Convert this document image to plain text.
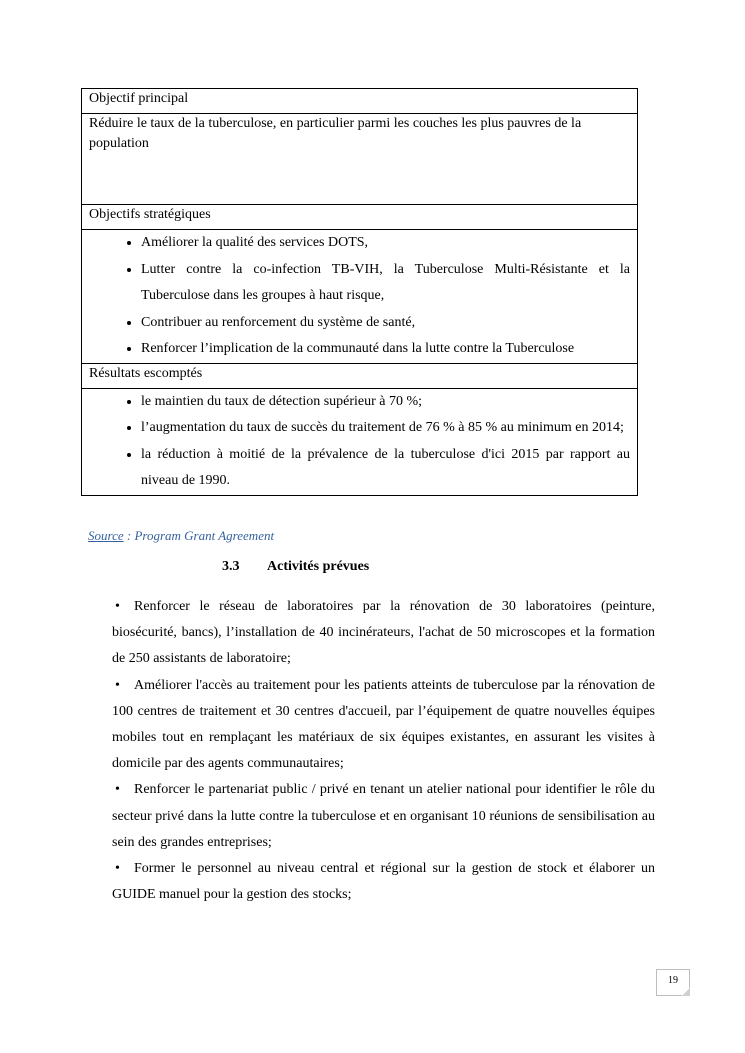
Objectif principal
Réduire le taux de la tuberculose, en particulier parmi les couches les plus pauvres de la population
Objectifs stratégiques

• Améliorer la qualité des services DOTS,
• Lutter contre la co-infection TB-VIH, la Tuberculose Multi-Résistante et la Tuberculose dans les groupes à haut risque,
• Contribuer au renforcement du système de santé,
• Renforcer l’implication de la communauté dans la lutte contre la Tuberculose

Résultats escomptés

• le maintien du taux de détection supérieur à 70 %;
• l’augmentation du taux de succès du traitement de 76 % à 85 % au minimum en 2014;
• la réduction à moitié de la prévalence de la tuberculose d'ici 2015 par rapport au niveau de 1990.
Source : Program Grant Agreement
3.3 Activités prévues
• Renforcer le réseau de laboratoires par la rénovation de 30 laboratoires (peinture, biosécurité, bancs), l’installation de 40 incinérateurs, l'achat de 50 microscopes et la formation de 250 assistants de laboratoire;
• Améliorer l'accès au traitement pour les patients atteints de tuberculose par la rénovation de 100 centres de traitement et 30 centres d'accueil, par l’équipement de quatre nouvelles équipes mobiles tout en remplaçant les matériaux de six équipes existantes, en assurant les visites à domicile par des agents communautaires;
• Renforcer le partenariat public / privé en tenant un atelier national pour identifier le rôle du secteur privé dans la lutte contre la tuberculose et en organisant 10 réunions de sensibilisation au sein des grandes entreprises;
• Former le personnel au niveau central et régional sur la gestion de stock et élaborer un GUIDE manuel pour la gestion des stocks;
19
